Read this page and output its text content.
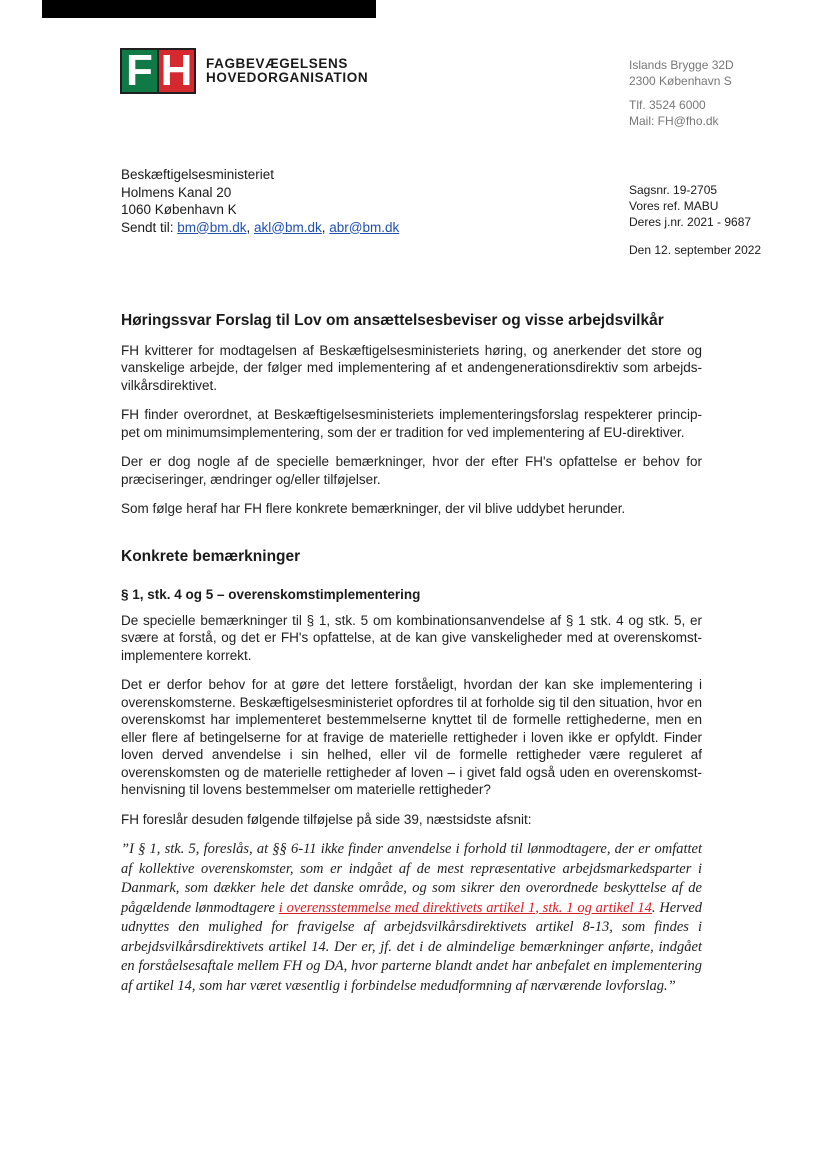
F H FAGBEVÆGELSENS
HOVEDORGANISATION
Islands Brygge 32D
2300 København S
Tlf. 3524 6000
Mail: FH@fho.dk
Beskæftigelsesministeriet
Holmens Kanal 20
1060 København K
Sendt til: bm@bm.dk, akl@bm.dk, abr@bm.dk
Sagsnr. 19-2705
Vores ref. MABU
Deres j.nr. 2021 - 9687
Den 12. september 2022
Høringssvar Forslag til Lov om ansættelsesbeviser og visse arbejdsvilkår

FH kvitterer for modtagelsen af Beskæftigelsesministeriets høring, og anerkender det store og vanskelige arbejde, der følger med implementering af et andengenerationsdirektiv som arbejdsvilkårsdirektivet.

FH finder overordnet, at Beskæftigelsesministeriets implementeringsforslag respekterer princippet om minimumsimplementering, som der er tradition for ved implementering af EU-direktiver.

Der er dog nogle af de specielle bemærkninger, hvor der efter FH's opfattelse er behov for præciseringer, ændringer og/eller tilføjelser.

Som følge heraf har FH flere konkrete bemærkninger, der vil blive uddybet herunder.

Konkrete bemærkninger
§ 1, stk. 4 og 5 – overenskomstimplementering

De specielle bemærkninger til § 1, stk. 5 om kombinationsanvendelse af § 1 stk. 4 og stk. 5, er svære at forstå, og det er FH's opfattelse, at de kan give vanskeligheder med at overenskomstimplementere korrekt.

Det er derfor behov for at gøre det lettere forståeligt, hvordan der kan ske implementering i overenskomsterne. Beskæftigelsesministeriet opfordres til at forholde sig til den situation, hvor en overenskomst har implementeret bestemmelserne knyttet til de formelle rettighederne, men en eller flere af betingelserne for at fravige de materielle rettigheder i loven ikke er opfyldt. Finder loven derved anvendelse i sin helhed, eller vil de formelle rettigheder være reguleret af overenskomsten og de materielle rettigheder af loven – i givet fald også uden en overenskomsthenvisning til lovens bestemmelser om materielle rettigheder?

FH foreslår desuden følgende tilføjelse på side 39, næstsidste afsnit:

”I § 1, stk. 5, foreslås, at §§ 6-11 ikke finder anvendelse i forhold til lønmodtagere, der er omfattet af kollektive overenskomster, som er indgået af de mest repræsentative arbejdsmarkedsparter i Danmark, som dækker hele det danske område, og som sikrer den overordnede beskyttelse af de pågældende lønmodtagere i overensstemmelse med direktivets artikel 1, stk. 1 og artikel 14. Herved udnyttes den mulighed for fravigelse af arbejdsvilkårsdirektivets artikel 8-13, som findes i arbejdsvilkårsdirektivets artikel 14. Der er, jf. det i de almindelige bemærkninger anførte, indgået en forståelsesaftale mellem FH og DA, hvor parterne blandt andet har anbefalet en implementering af artikel 14, som har været væsentlig i forbindelse medudformning af nærværende lovforslag.”
